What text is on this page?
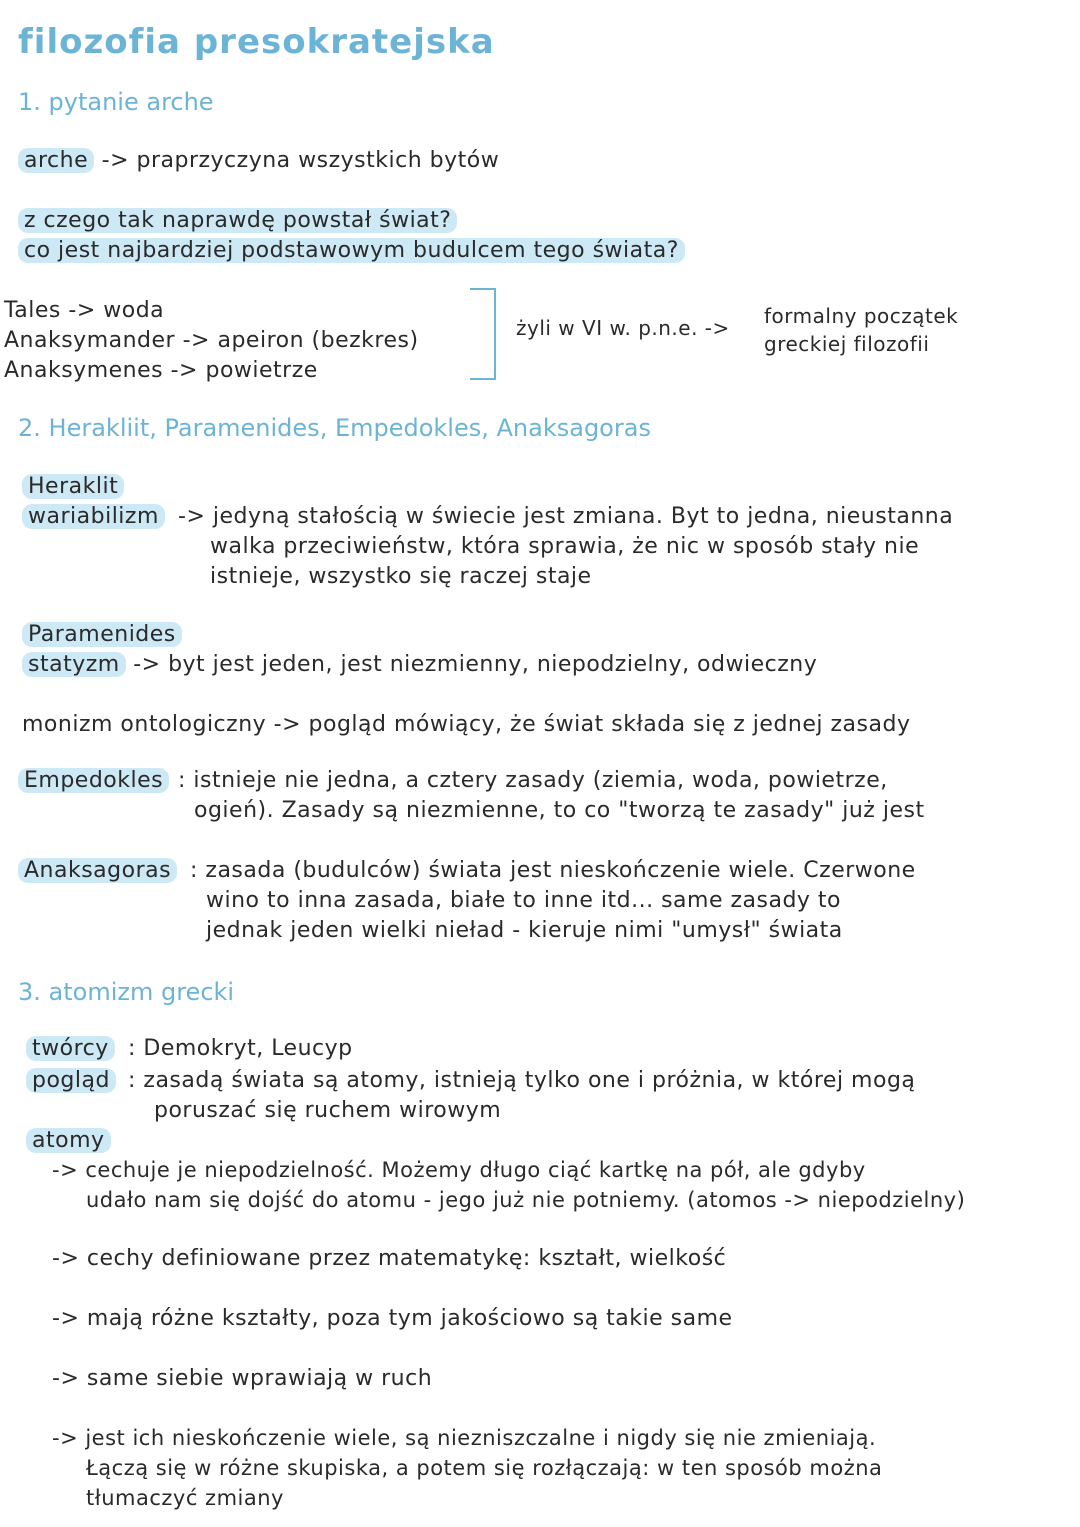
filozofia presokratejska
1. pytanie arche
arche -> praprzyczyna wszystkich bytów
z czego tak naprawdę powstał świat?
co jest najbardziej podstawowym budulcem tego świata?
Tales -> woda
Anaksymander -> apeiron (bezkres)
Anaksymenes -> powietrze
żyli w VI w. p.n.e. -> formalny początek
greckiej filozofii
2. Herakliit, Paramenides, Empedokles, Anaksagoras
Heraklit
wariabilizm -> jedyną stałością w świecie jest zmiana. Byt to jedna, nieustanna
walka przeciwieństw, która sprawia, że nic w sposób stały nie
istnieje, wszystko się raczej staje
Paramenides
statyzm -> byt jest jeden, jest niezmienny, niepodzielny, odwieczny
monizm ontologiczny -> pogląd mówiący, że świat składa się z jednej zasady
Empedokles : istnieje nie jedna, a cztery zasady (ziemia, woda, powietrze,
ogień). Zasady są niezmienne, to co "tworzą te zasady" już jest
Anaksagoras : zasada (budulców) świata jest nieskończenie wiele. Czerwone
wino to inna zasada, białe to inne itd... same zasady to
jednak jeden wielki nieład - kieruje nimi "umysł" świata
3. atomizm grecki
twórcy : Demokryt, Leucyp
pogląd : zasadą świata są atomy, istnieją tylko one i próżnia, w której mogą
poruszać się ruchem wirowym
atomy
-> cechuje je niepodzielność. Możemy długo ciąć kartkę na pół, ale gdyby
udało nam się dojść do atomu - jego już nie potniemy. (atomos -> niepodzielny)
-> cechy definiowane przez matematykę: kształt, wielkość
-> mają różne kształty, poza tym jakościowo są takie same
-> same siebie wprawiają w ruch
-> jest ich nieskończenie wiele, są niezniszczalne i nigdy się nie zmieniają.
Łączą się w różne skupiska, a potem się rozłączają: w ten sposób można
tłumaczyć zmiany
